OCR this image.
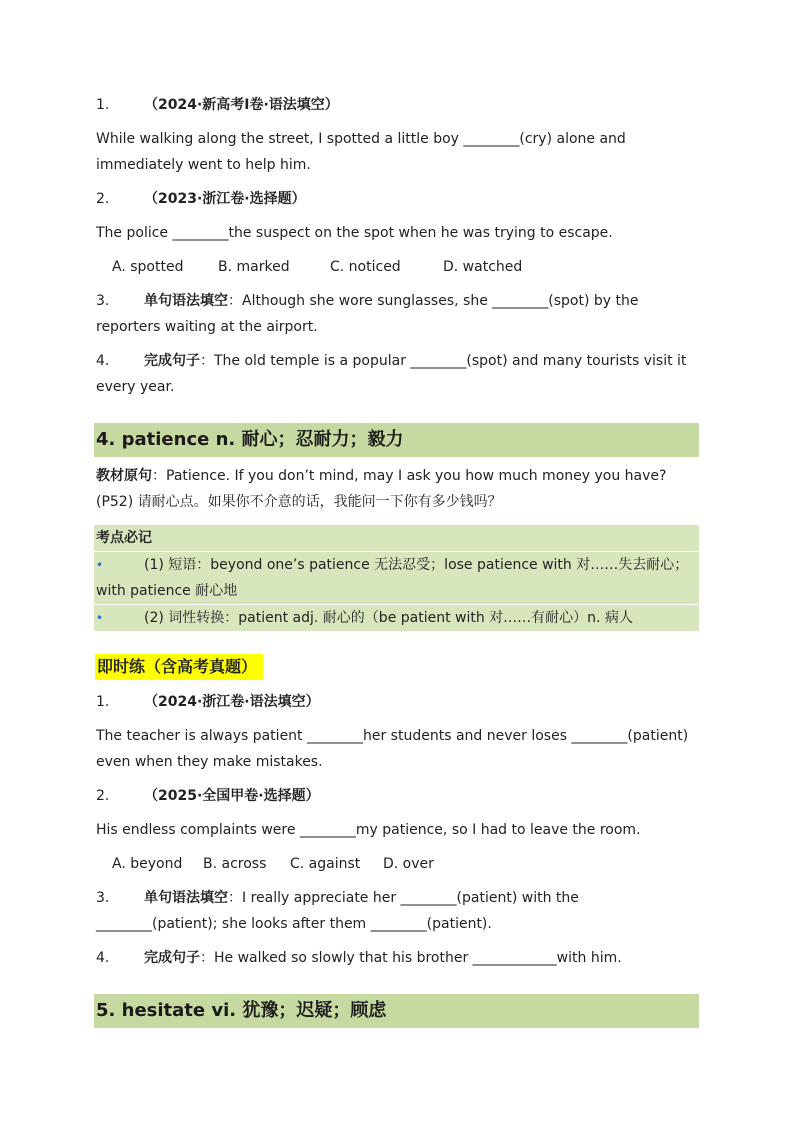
1. （2024·新高考Ⅰ卷·语法填空）
While walking along the street, I spotted a little boy ________(cry) alone and immediately went to help him.
2. （2023·浙江卷·选择题）
The police ________the suspect on the spot when he was trying to escape.
A. spotted B. marked	C. noticed	D. watched
3. 单句语法填空：Although she wore sunglasses, she ________(spot) by the reporters waiting at the airport.
4. 完成句子：The old temple is a popular ________(spot) and many tourists visit it every year.
4. patience n. 耐心；忍耐力；毅力
教材原句：Patience. If you don’t mind, may I ask you how much money you have? (P52) 请耐心点。如果你不介意的话，我能问一下你有多少钱吗？
考点必记
•	(1) 短语：beyond one’s patience 无法忍受；lose patience with 对……失去耐心；with patience 耐心地
•	(2) 词性转换：patient adj. 耐心的（be patient with 对……有耐心）n. 病人
即时练（含高考真题）
1. （2024·浙江卷·语法填空）
The teacher is always patient ________her students and never loses ________(patient) even when they make mistakes.
2. （2025·全国甲卷·选择题）
His endless complaints were ________my patience, so I had to leave the room.
A. beyond B. across C. against D. over
3. 单句语法填空：I really appreciate her ________(patient) with the ________(patient); she looks after them ________(patient).
4. 完成句子：He walked so slowly that his brother ____________with him.
5. hesitate vi. 犹豫；迟疑；顾虑
